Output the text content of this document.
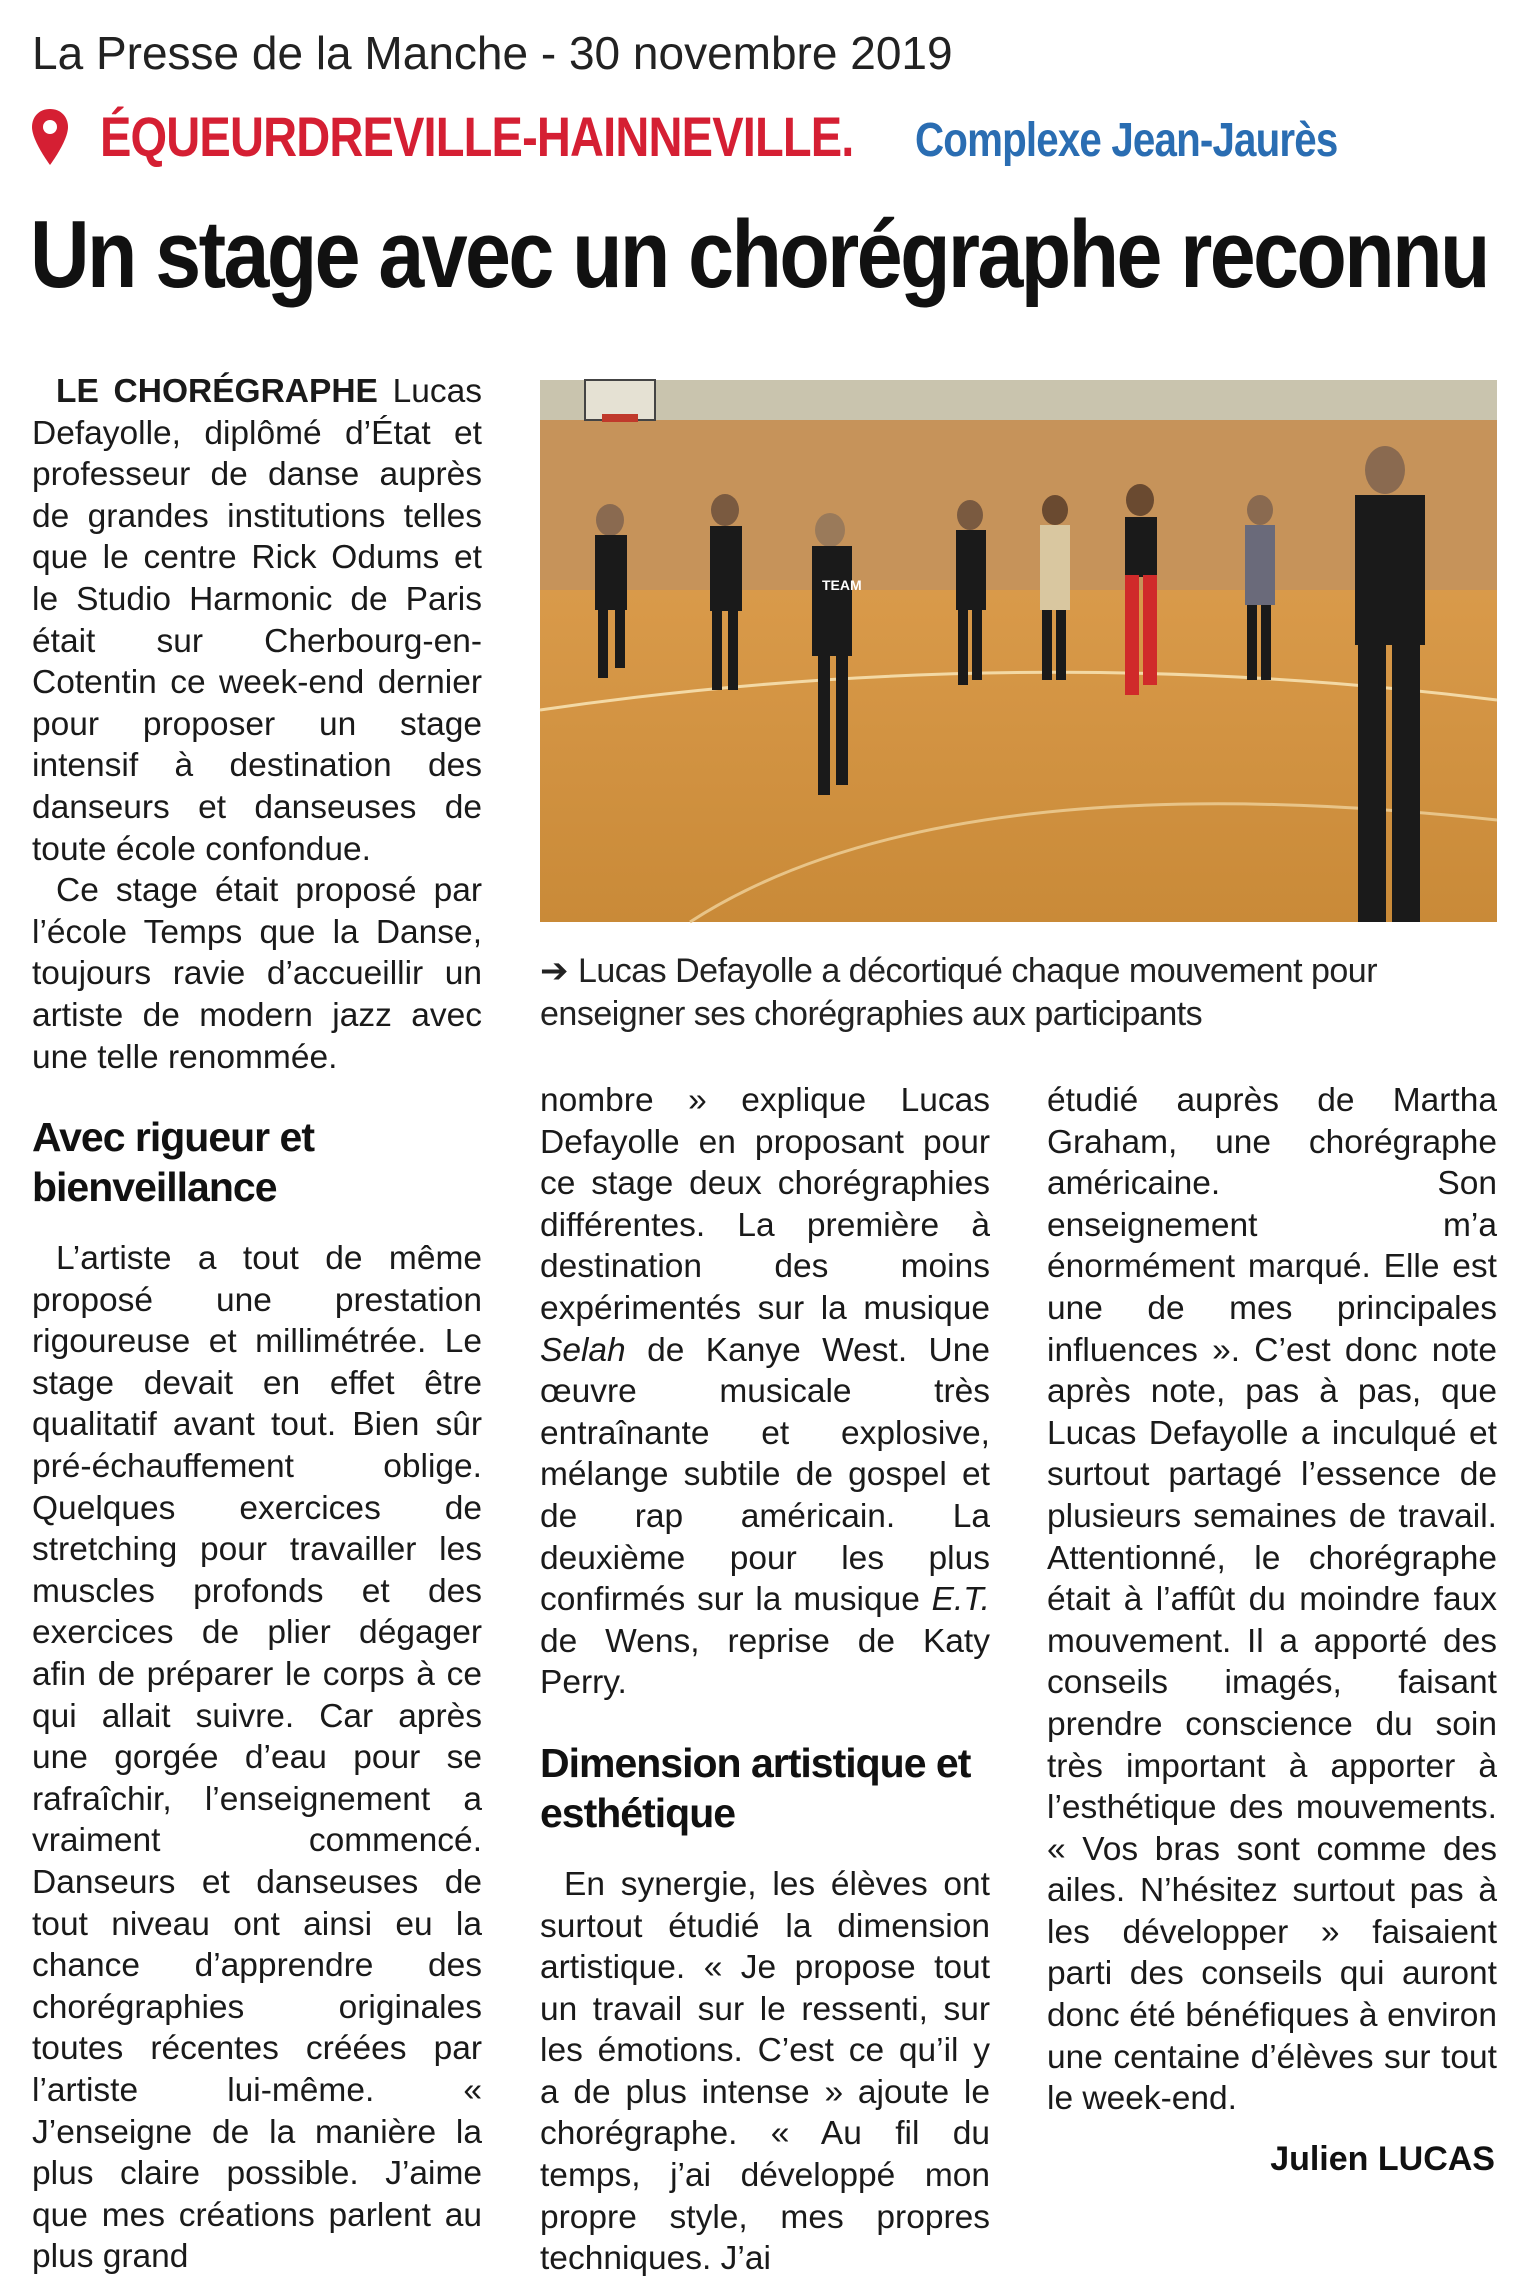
La Presse de la Manche - 30 novembre 2019
ÉQUEURDREVILLE-HAINNEVILLE. Complexe Jean-Jaurès
Un stage avec un chorégraphe reconnu

LE CHORÉGRAPHE Lucas Defayolle, diplômé d’État et professeur de danse auprès de grandes institutions telles que le centre Rick Odums et le Studio Harmonic de Paris était sur Cherbourg-en-Cotentin ce week-end dernier pour proposer un stage intensif à destination des danseurs et danseuses de toute école confondue.

Ce stage était proposé par l’école Temps que la Danse, toujours ravie d’accueillir un artiste de modern jazz avec une telle renommée.

Avec rigueur et bienveillance

L’artiste a tout de même proposé une prestation rigoureuse et millimétrée. Le stage devait en effet être qualitatif avant tout. Bien sûr pré-échauffement oblige. Quelques exercices de stretching pour travailler les muscles profonds et des exercices de plier dégager afin de préparer le corps à ce qui allait suivre. Car après une gorgée d’eau pour se rafraîchir, l’enseignement a vraiment commencé. Danseurs et danseuses de tout niveau ont ainsi eu la chance d’apprendre des chorégraphies originales toutes récentes créées par l’artiste lui-même. « J’enseigne de la manière la plus claire possible. J’aime que mes créations parlent au plus grand

TEAM
➔ Lucas Defayolle a décortiqué chaque mouvement pour enseigner ses chorégraphies aux participants

nombre » explique Lucas Defayolle en proposant pour ce stage deux chorégraphies différentes. La première à destination des moins expérimentés sur la musique Selah de Kanye West. Une œuvre musicale très entraînante et explosive, mélange subtile de gospel et de rap américain. La deuxième pour les plus confirmés sur la musique E.T. de Wens, reprise de Katy Perry.

Dimension artistique et esthétique

En synergie, les élèves ont surtout étudié la dimension artistique. « Je propose tout un travail sur le ressenti, sur les émotions. C’est ce qu’il y a de plus intense » ajoute le chorégraphe. « Au fil du temps, j’ai développé mon propre style, mes propres techniques. J’ai

étudié auprès de Martha Graham, une chorégraphe américaine. Son enseignement m’a énormément marqué. Elle est une de mes principales influences ». C’est donc note après note, pas à pas, que Lucas Defayolle a inculqué et surtout partagé l’essence de plusieurs semaines de travail. Attentionné, le chorégraphe était à l’affût du moindre faux mouvement. Il a apporté des conseils imagés, faisant prendre conscience du soin très important à apporter à l’esthétique des mouvements. « Vos bras sont comme des ailes. N’hésitez surtout pas à les développer » faisaient parti des conseils qui auront donc été bénéfiques à environ une centaine d’élèves sur tout le week-end.

Julien LUCAS
